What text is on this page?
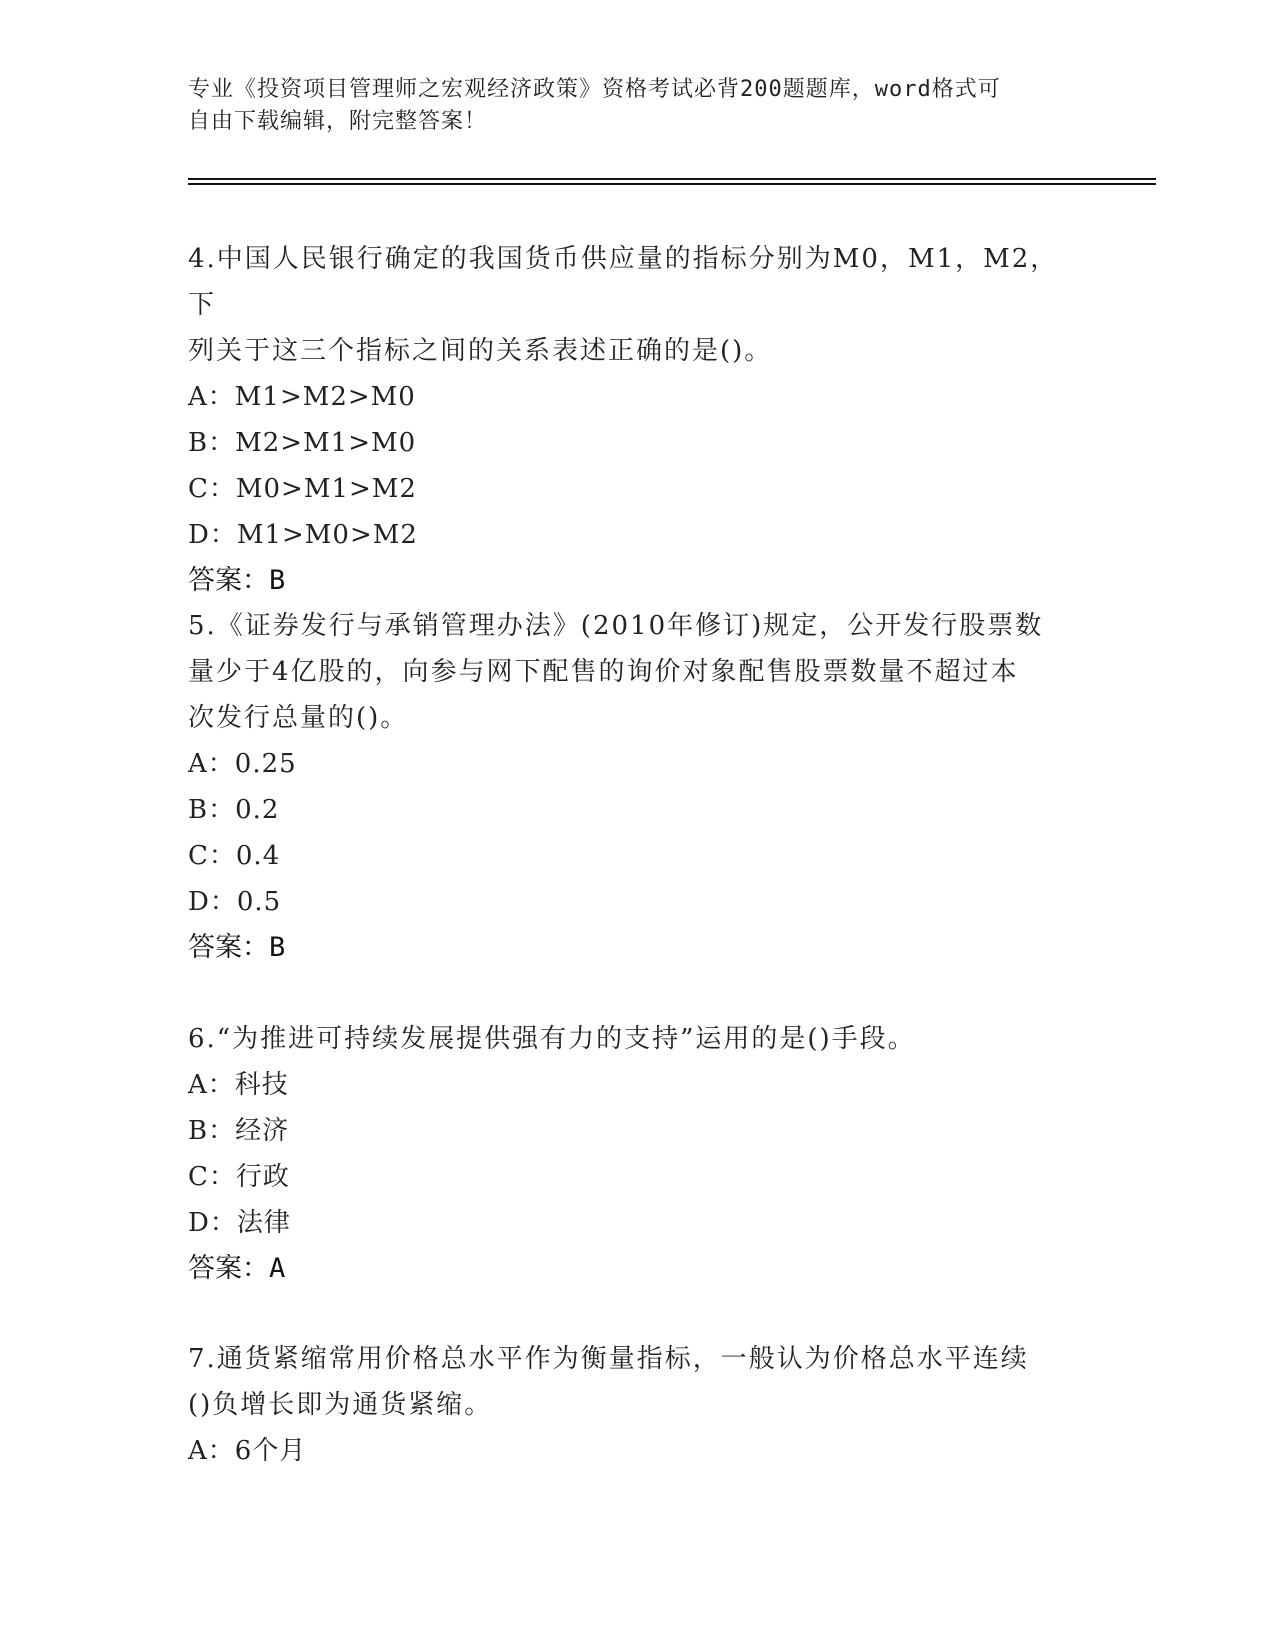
专业《投资项目管理师之宏观经济政策》资格考试必背200题题库，word格式可
自由下载编辑，附完整答案！

4.中国人民银行确定的我国货币供应量的指标分别为M0，M1，M2，下

列关于这三个指标之间的关系表述正确的是()。

A：M1>M2>M0

B：M2>M1>M0

C：M0>M1>M2

D：M1>M0>M2

答案：B

5.《证券发行与承销管理办法》(2010年修订)规定，公开发行股票数

量少于4亿股的，向参与网下配售的询价对象配售股票数量不超过本

次发行总量的()。

A：0.25

B：0.2

C：0.4

D：0.5

答案：B

6.“为推进可持续发展提供强有力的支持”运用的是()手段。

A：科技

B：经济

C：行政

D：法律

答案：A

7.通货紧缩常用价格总水平作为衡量指标，一般认为价格总水平连续

()负增长即为通货紧缩。

A：6个月
